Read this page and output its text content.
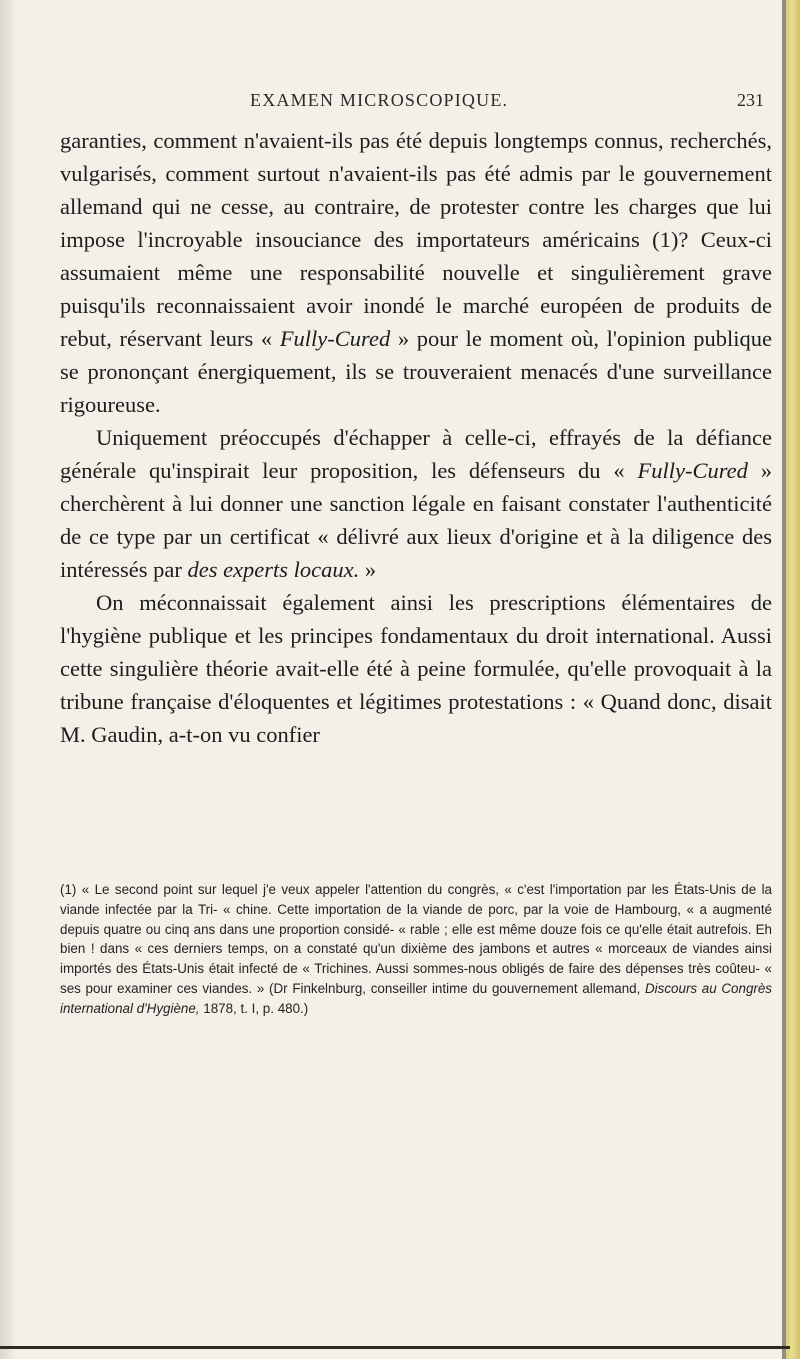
EXAMEN MICROSCOPIQUE.	231

garanties, comment n'avaient-ils pas été depuis longtemps connus, recherchés, vulgarisés, comment surtout n'avaient-ils pas été admis par le gouvernement allemand qui ne cesse, au contraire, de protester contre les charges que lui impose l'incroyable insouciance des importateurs américains (1)? Ceux-ci assumaient même une responsabilité nouvelle et singulièrement grave puisqu'ils reconnaissaient avoir inondé le marché européen de produits de rebut, réservant leurs « Fully-Cured » pour le moment où, l'opinion publique se prononçant énergiquement, ils se trouveraient menacés d'une surveillance rigoureuse.

Uniquement préoccupés d'échapper à celle-ci, effrayés de la défiance générale qu'inspirait leur proposition, les défenseurs du « Fully-Cured » cherchèrent à lui donner une sanction légale en faisant constater l'authenticité de ce type par un certificat « délivré aux lieux d'origine et à la diligence des intéressés par des experts locaux. »

On méconnaissait également ainsi les prescriptions élémentaires de l'hygiène publique et les principes fondamentaux du droit international. Aussi cette singulière théorie avait-elle été à peine formulée, qu'elle provoquait à la tribune française d'éloquentes et légitimes protestations : « Quand donc, disait M. Gaudin, a-t-on vu confier

(1) « Le second point sur lequel j'e veux appeler l'attention du congrès, « c'est l'importation par les États-Unis de la viande infectée par la Tri- « chine. Cette importation de la viande de porc, par la voie de Hambourg, « a augmenté depuis quatre ou cinq ans dans une proportion considé- « rable ; elle est même douze fois ce qu'elle était autrefois. Eh bien ! dans « ces derniers temps, on a constaté qu'un dixième des jambons et autres « morceaux de viandes ainsi importés des États-Unis était infecté de « Trichines. Aussi sommes-nous obligés de faire des dépenses très coûteu- « ses pour examiner ces viandes. » (Dr Finkelnburg, conseiller intime du gouvernement allemand, Discours au Congrès international d'Hygiène, 1878, t. I, p. 480.)
